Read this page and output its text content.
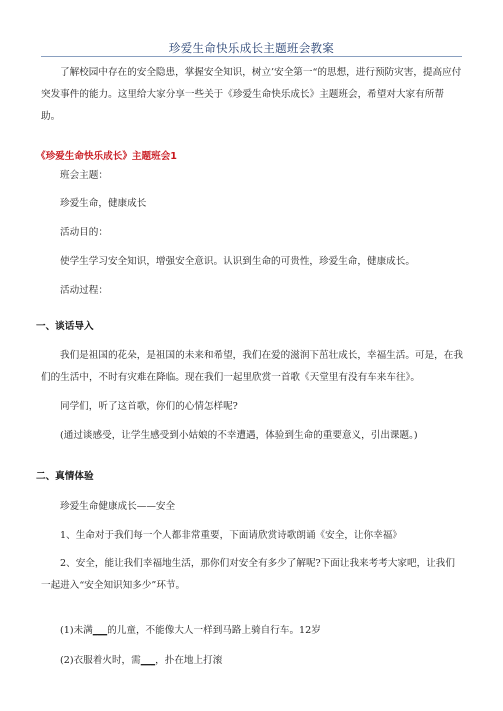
珍爱生命快乐成长主题班会教案

了解校园中存在的安全隐患，掌握安全知识，树立’安全第一“的思想，进行预防灾害，提高应付突发事件的能力。这里给大家分享一些关于《珍爱生命快乐成长》主题班会，希望对大家有所帮助。

《珍爱生命快乐成长》主题班会1

班会主题：

珍爱生命，健康成长

活动目的：

使学生学习安全知识，增强安全意识。认识到生命的可贵性，珍爱生命，健康成长。

活动过程：

一、谈话导入

我们是祖国的花朵，是祖国的未来和希望，我们在爱的滋润下茁壮成长，幸福生活。可是，在我们的生活中，不时有灾难在降临。现在我们一起里欣赏一首歌《天堂里有没有车来车往》。

同学们，听了这首歌，你们的心情怎样呢?

(通过谈感受，让学生感受到小姑娘的不幸遭遇，体验到生命的重要意义，引出课题。)

二、真情体验

珍爱生命健康成长——安全

1、生命对于我们每一个人都非常重要，下面请欣赏诗歌朗诵《安全，让你幸福》

2、安全，能让我们幸福地生活，那你们对安全有多少了解呢?下面让我来考考大家吧，让我们一起进入“安全知识知多少”环节。

(1)未满___的儿童，不能像大人一样到马路上骑自行车。12岁

(2)衣服着火时，需___，扑在地上打滚
